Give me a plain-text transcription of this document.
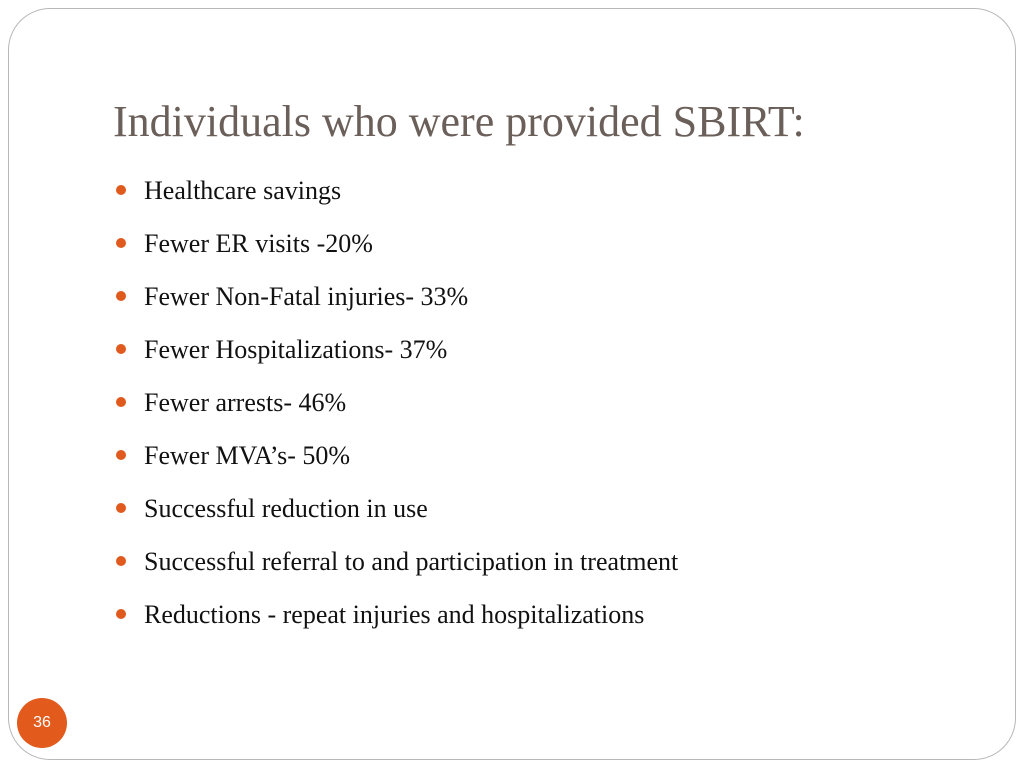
Individuals who were provided SBIRT:
Healthcare savings
Fewer ER visits -20%
Fewer Non-Fatal injuries- 33%
Fewer Hospitalizations- 37%
Fewer arrests- 46%
Fewer MVA’s- 50%
Successful reduction in use
Successful referral to and participation in treatment
Reductions - repeat injuries and hospitalizations
36
